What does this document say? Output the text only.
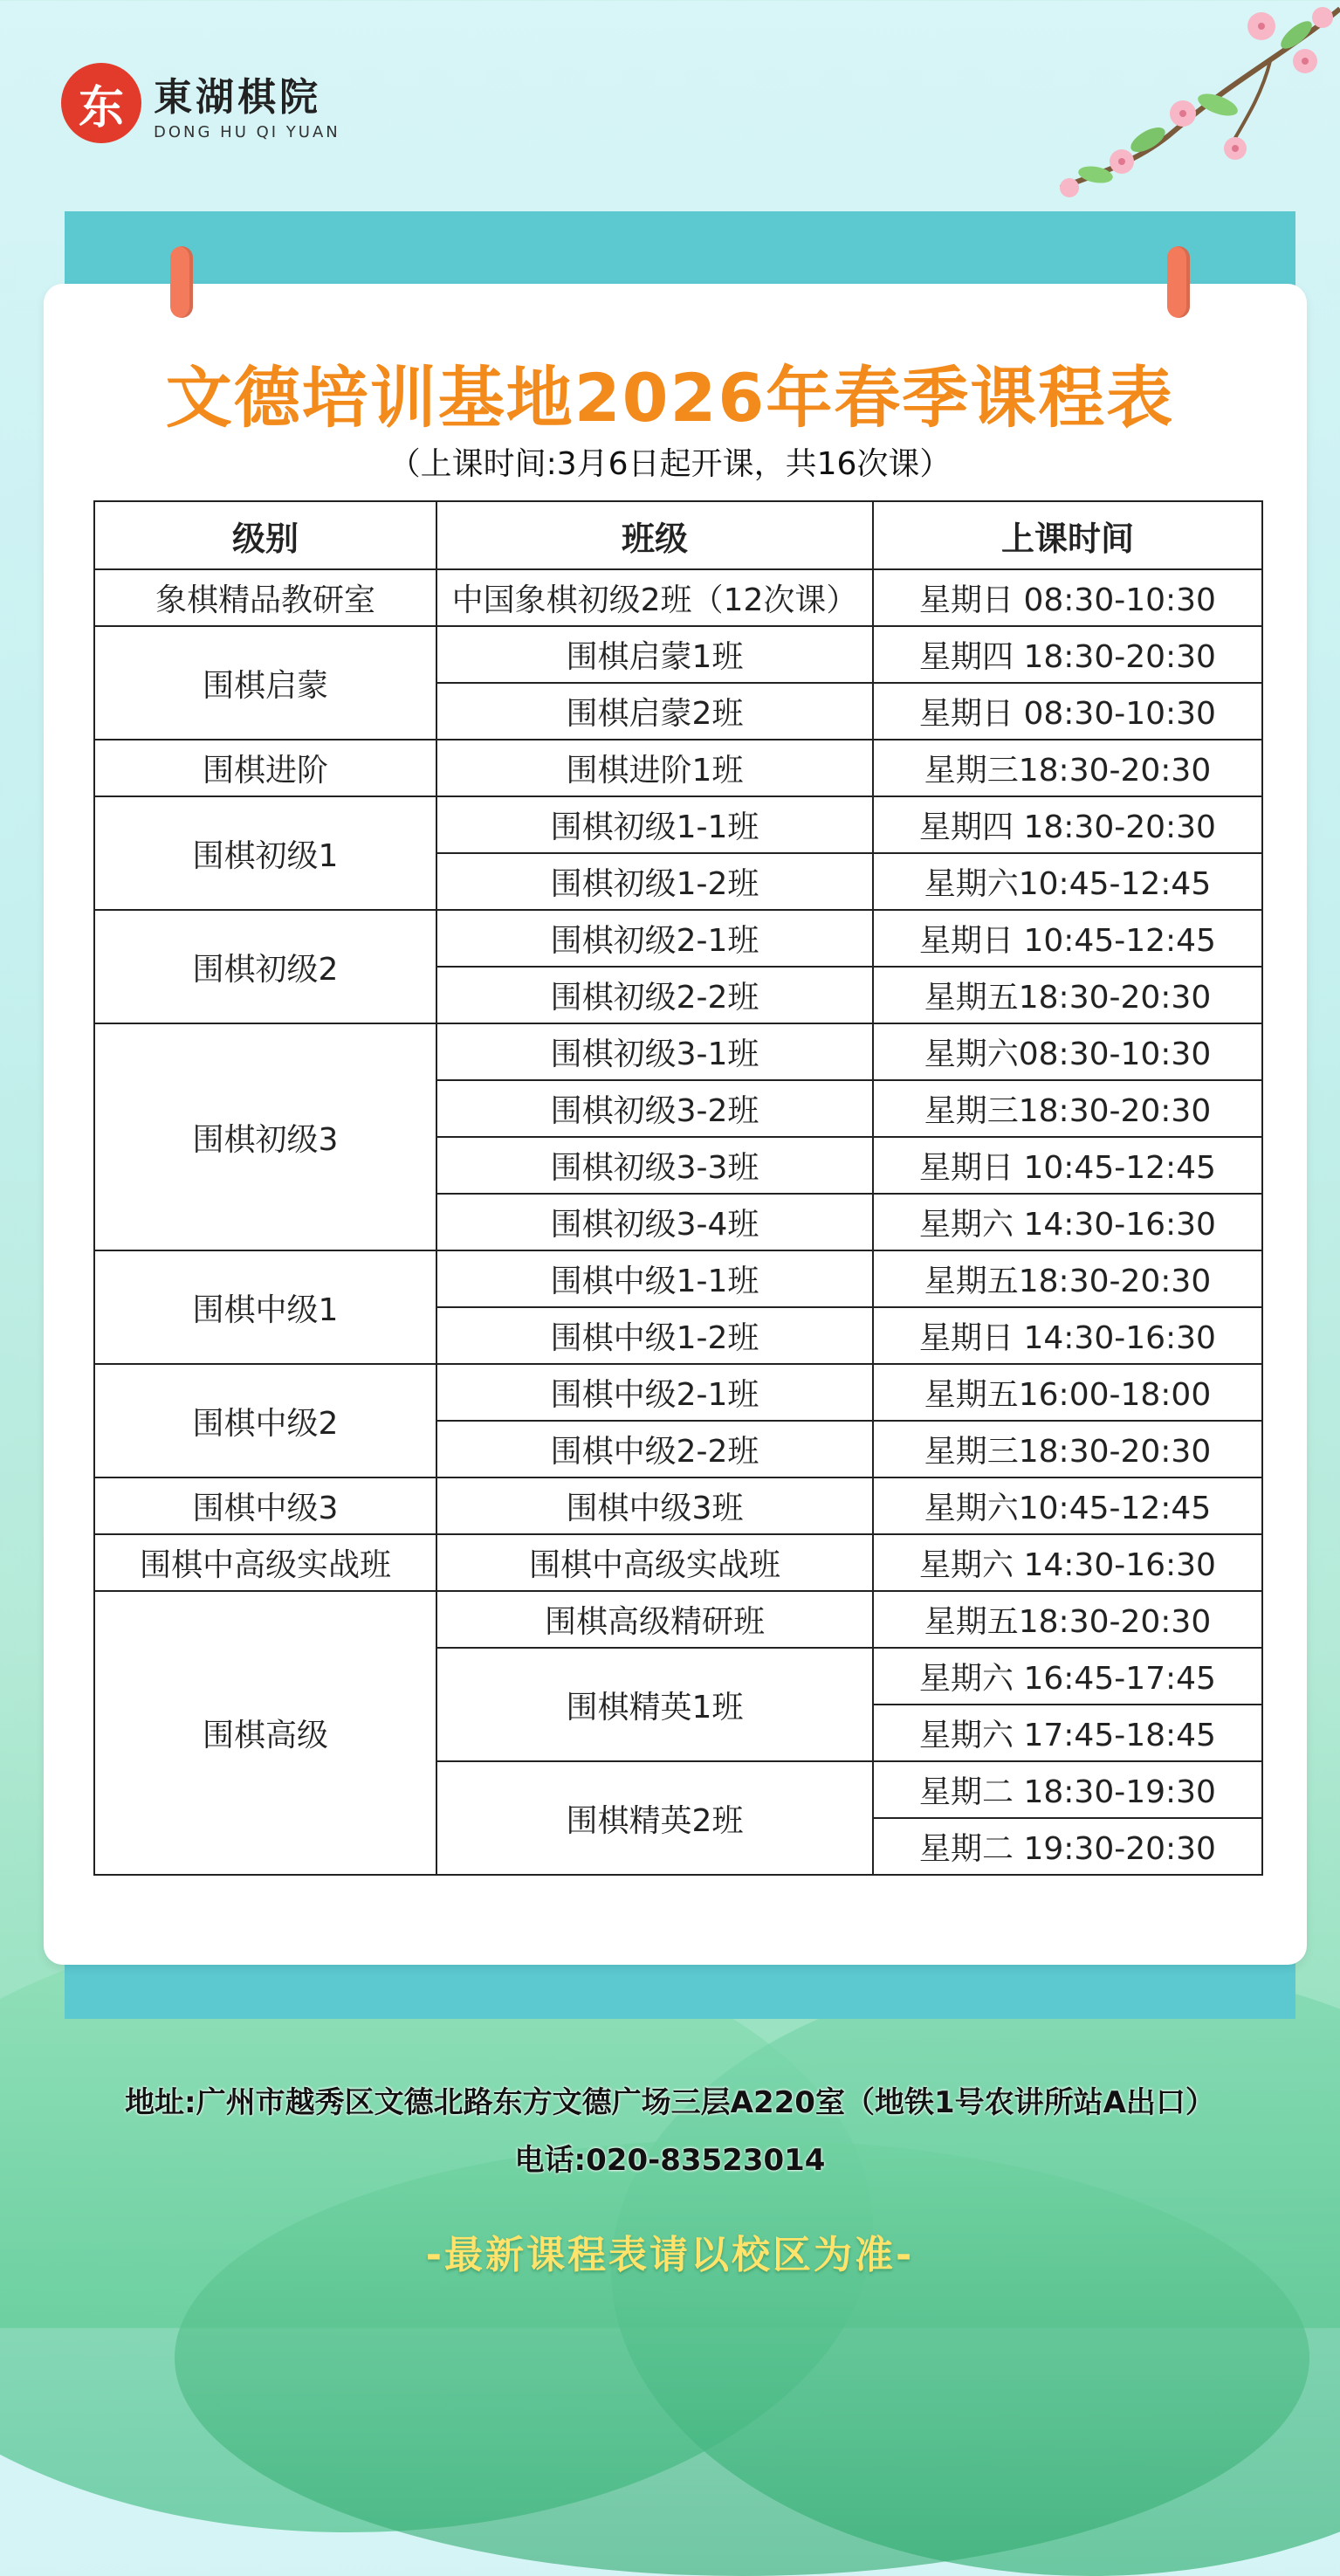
东 東湖棋院
DONG HU QI YUAN
文德培训基地2026年春季课程表
（上课时间:3月6日起开课，共16次课）
级别	班级	上课时间
象棋精品教研室	中国象棋初级2班（12次课）	星期日 08:30-10:30
围棋启蒙	围棋启蒙1班	星期四 18:30-20:30
	围棋启蒙2班	星期日 08:30-10:30
围棋进阶	围棋进阶1班	星期三18:30-20:30
围棋初级1	围棋初级1-1班	星期四 18:30-20:30
	围棋初级1-2班	星期六10:45-12:45
围棋初级2	围棋初级2-1班	星期日 10:45-12:45
	围棋初级2-2班	星期五18:30-20:30
围棋初级3	围棋初级3-1班	星期六08:30-10:30
	围棋初级3-2班	星期三18:30-20:30
	围棋初级3-3班	星期日 10:45-12:45
	围棋初级3-4班	星期六 14:30-16:30
围棋中级1	围棋中级1-1班	星期五18:30-20:30
	围棋中级1-2班	星期日 14:30-16:30
围棋中级2	围棋中级2-1班	星期五16:00-18:00
	围棋中级2-2班	星期三18:30-20:30
围棋中级3	围棋中级3班	星期六10:45-12:45
围棋中高级实战班	围棋中高级实战班	星期六 14:30-16:30
围棋高级	围棋高级精研班	星期五18:30-20:30
	围棋精英1班	星期六 16:45-17:45
		星期六 17:45-18:45
	围棋精英2班	星期二 18:30-19:30
		星期二 19:30-20:30
地址:广州市越秀区文德北路东方文德广场三层A220室（地铁1号农讲所站A出口）
电话:020-83523014
-最新课程表请以校区为准-
